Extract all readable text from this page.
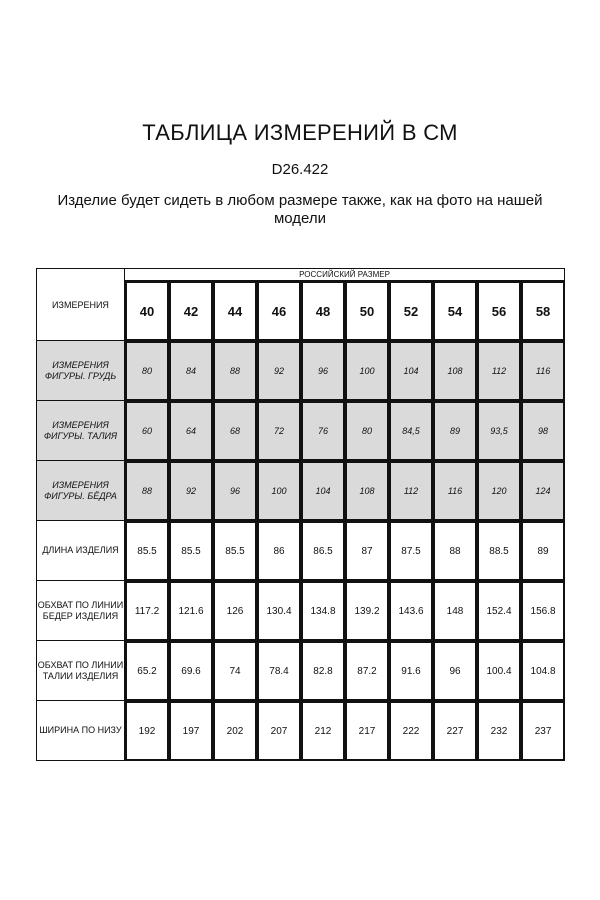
ТАБЛИЦА ИЗМЕРЕНИЙ В СМ
D26.422
Изделие будет сидеть в любом размере также, как на фото на нашей модели
ИЗМЕРЕНИЯ	РОССИЙСКИЙ РАЗМЕР									
	40	42	44	46	48	50	52	54	56	58
ИЗМЕРЕНИЯ ФИГУРЫ. ГРУДЬ	80	84	88	92	96	100	104	108	112	116
ИЗМЕРЕНИЯ ФИГУРЫ. ТАЛИЯ	60	64	68	72	76	80	84,5	89	93,5	98
ИЗМЕРЕНИЯ ФИГУРЫ. БЁДРА	88	92	96	100	104	108	112	116	120	124
ДЛИНА ИЗДЕЛИЯ	85.5	85.5	85.5	86	86.5	87	87.5	88	88.5	89
ОБХВАТ ПО ЛИНИИ БЕДЕР ИЗДЕЛИЯ	117.2	121.6	126	130.4	134.8	139.2	143.6	148	152.4	156.8
ОБХВАТ ПО ЛИНИИ ТАЛИИ ИЗДЕЛИЯ	65.2	69.6	74	78.4	82.8	87.2	91.6	96	100.4	104.8
ШИРИНА ПО НИЗУ	192	197	202	207	212	217	222	227	232	237
